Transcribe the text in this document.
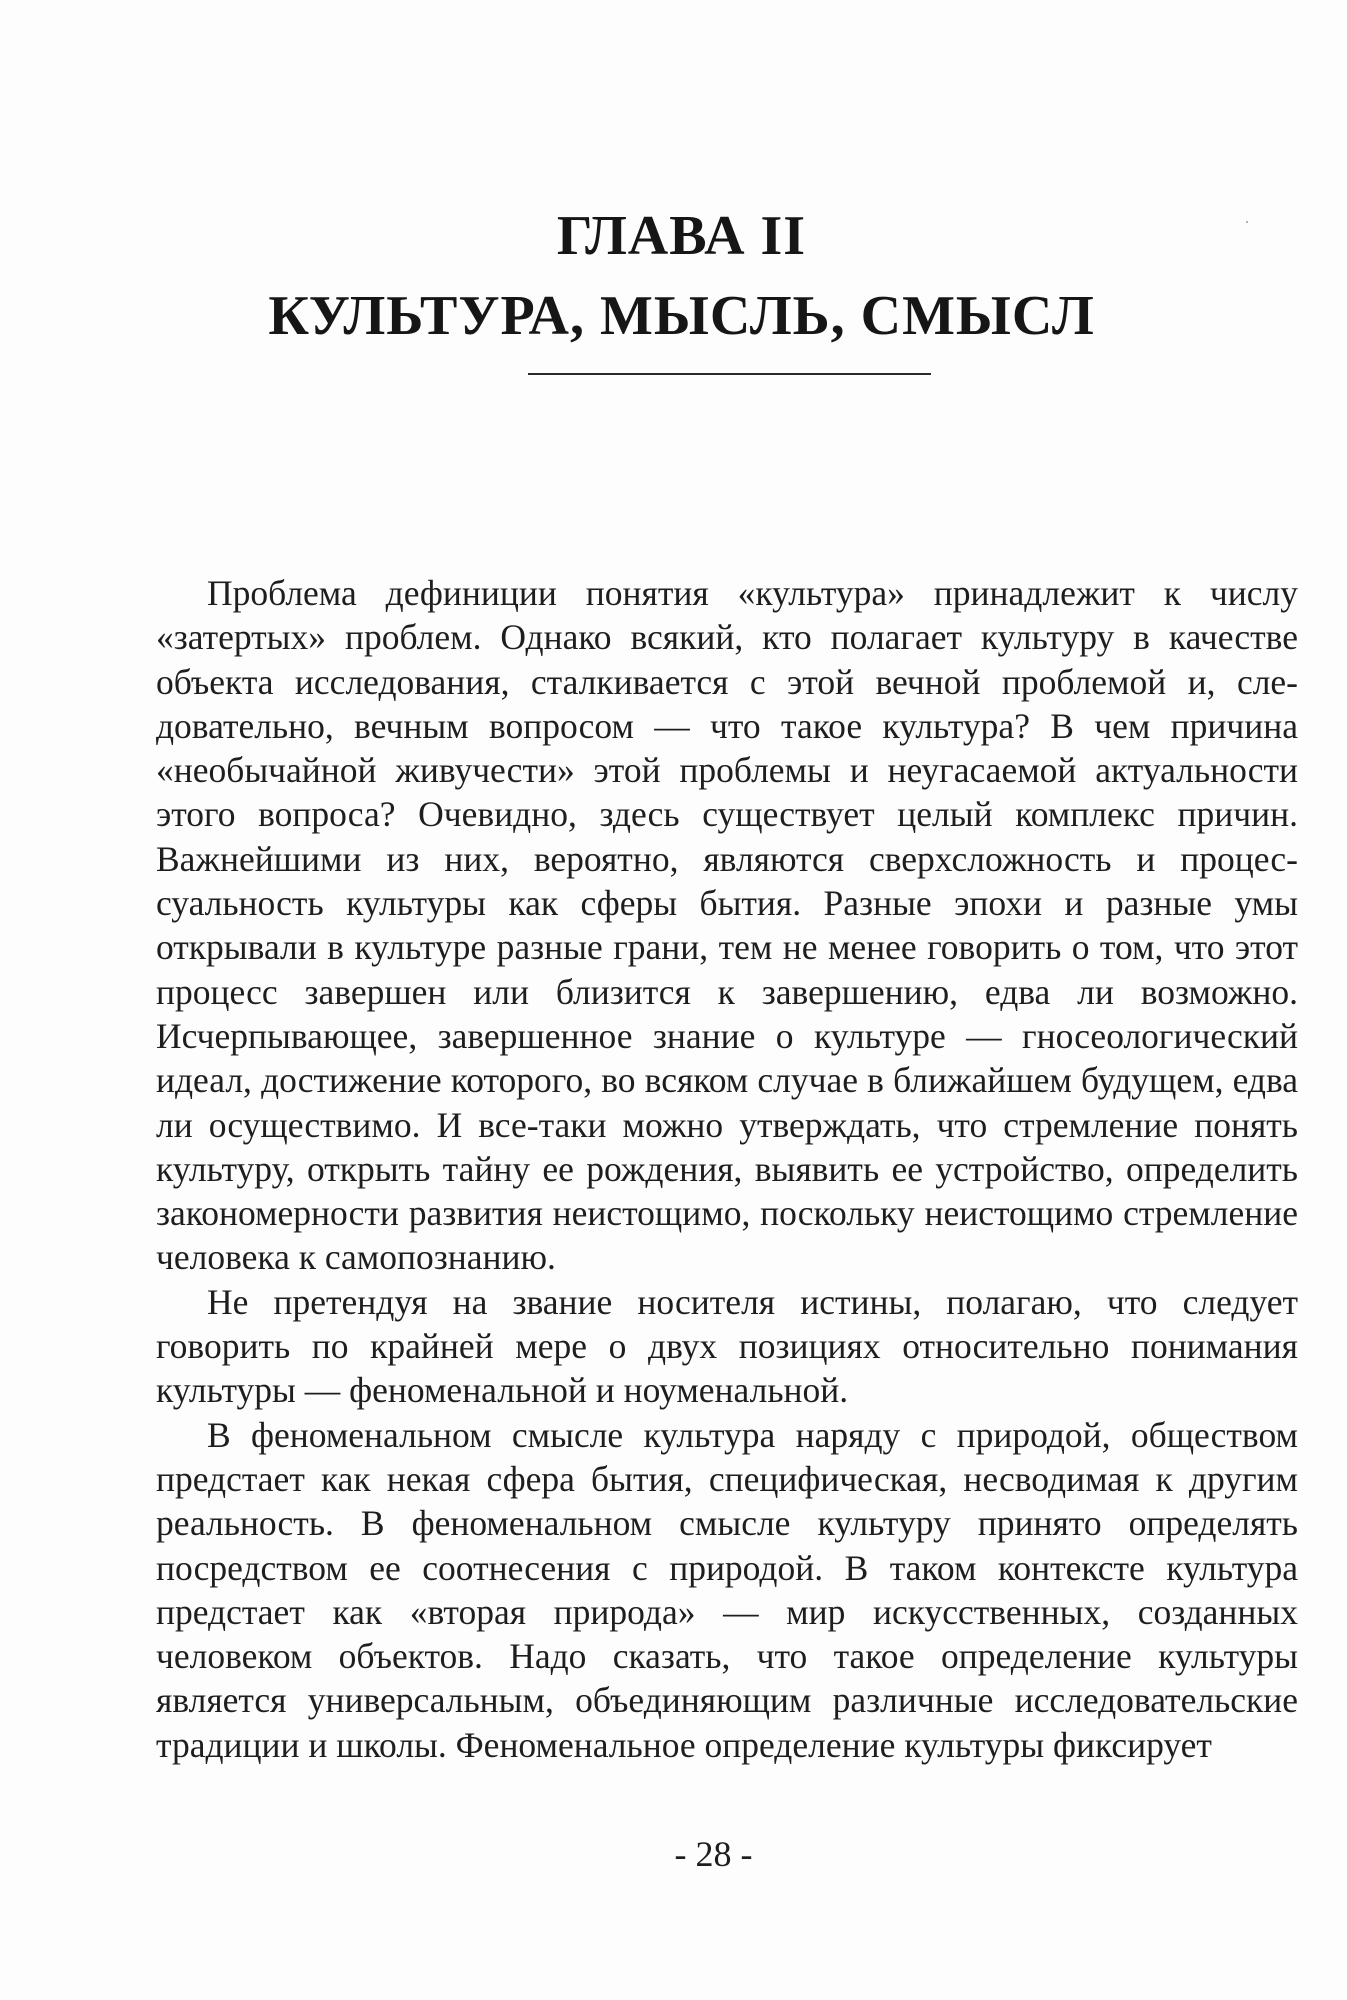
ГЛАВА II
КУЛЬТУРА, МЫСЛЬ, СМЫСЛ

Проблема дефиниции понятия «культура» принадлежит к числу «затертых» проблем. Однако всякий, кто полагает культуру в качестве объекта исследования, сталкивается с этой вечной проблемой и, следовательно, вечным вопросом — что такое культура? В чем причина «необычайной живучести» этой проблемы и неугасаемой актуальности этого вопроса? Очевидно, здесь существует целый комплекс причин. Важнейшими из них, вероятно, являются сверхсложность и процессуальность культуры как сферы бытия. Разные эпохи и разные умы открывали в культуре разные грани, тем не менее говорить о том, что этот процесс завершен или близится к завершению, едва ли возможно. Исчерпывающее, завершенное знание о культуре — гносеологический идеал, достижение которого, во всяком случае в ближайшем будущем, едва ли осуществимо. И все-таки можно утверждать, что стремление понять культуру, открыть тайну ее рождения, выявить ее устройство, определить закономерности развития неистощимо, поскольку неистощимо стремление человека к самопознанию.

Не претендуя на звание носителя истины, полагаю, что следует говорить по крайней мере о двух позициях относительно понимания культуры — феноменальной и ноуменальной.

В феноменальном смысле культура наряду с природой, обществом предстает как некая сфера бытия, специфическая, несводимая к другим реальность. В феноменальном смысле культуру принято определять посредством ее соотнесения с природой. В таком контексте культура предстает как «вторая природа» — мир искусственных, созданных человеком объектов. Надо сказать, что такое определение культуры является универсальным, объединяющим различные исследовательские традиции и школы. Феноменальное определение культуры фиксирует

- 28 -
